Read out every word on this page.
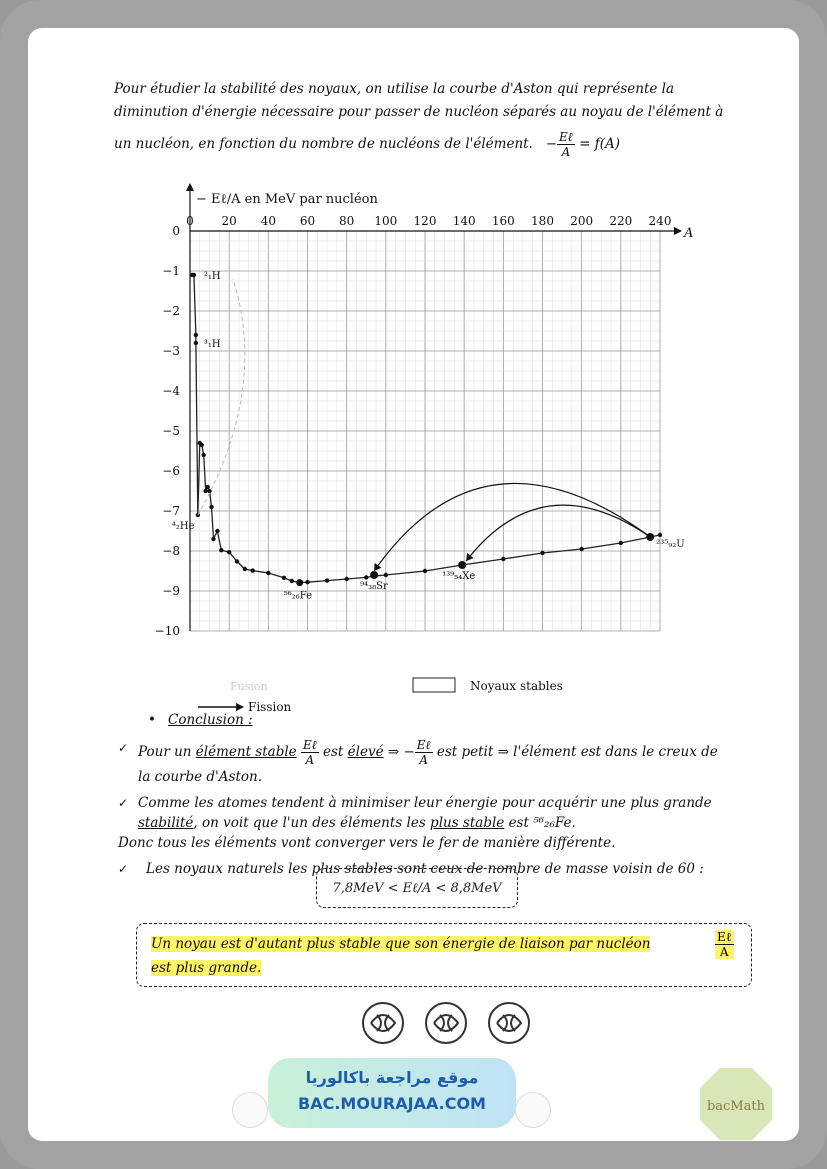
Pour étudier la stabilité des noyaux, on utilise la courbe d'Aston qui représente la
diminution d'énergie nécessaire pour passer de nucléon séparés au noyau de l'élément à
un nucléon, en fonction du nombre de nucléons de l'élément. − $\frac{\text{Eℓ}}{A} = f(A)$
0 20 40 60 80 100 120 140 160 180 200 220 240
0
−1
−2
−3
−4
−5
−6
−7
−8
−9
−10
− Eℓ/A en MeV par nucléon
A
²₁H
³₁H
⁴₂He
⁵⁶₂₆Fe
⁹⁴₃₈Sr
¹³⁹₅₄Xe
²³⁵₉₂U
Noyaux stables
Fusion
Fission
• Conclusion :
✓ Pour un élément stable $\frac{\text{Eℓ}}{A}$ est élevé ⇒ − $\frac{\text{Eℓ}}{A}$ est petit ⇒ l'élément est dans le creux de
la courbe d'Aston.
✓ Comme les atomes tendent à minimiser leur énergie pour acquérir une plus grande
stabilité, on voit que l'un des éléments les plus stable est ⁵⁶₂₆Fe.
Donc tous les éléments vont converger vers le fer de manière différente.
✓ Les noyaux naturels les plus stables sont ceux de nombre de masse voisin de 60 :
7,8MeV < Eℓ/A < 8,8MeV
Un noyau est d'autant plus stable que son énergie de liaison par nucléon
est plus grande.
Eℓ
A
bacMath
موقع مراجعة باكالوريا
BAC.MOURAJAA.COM
